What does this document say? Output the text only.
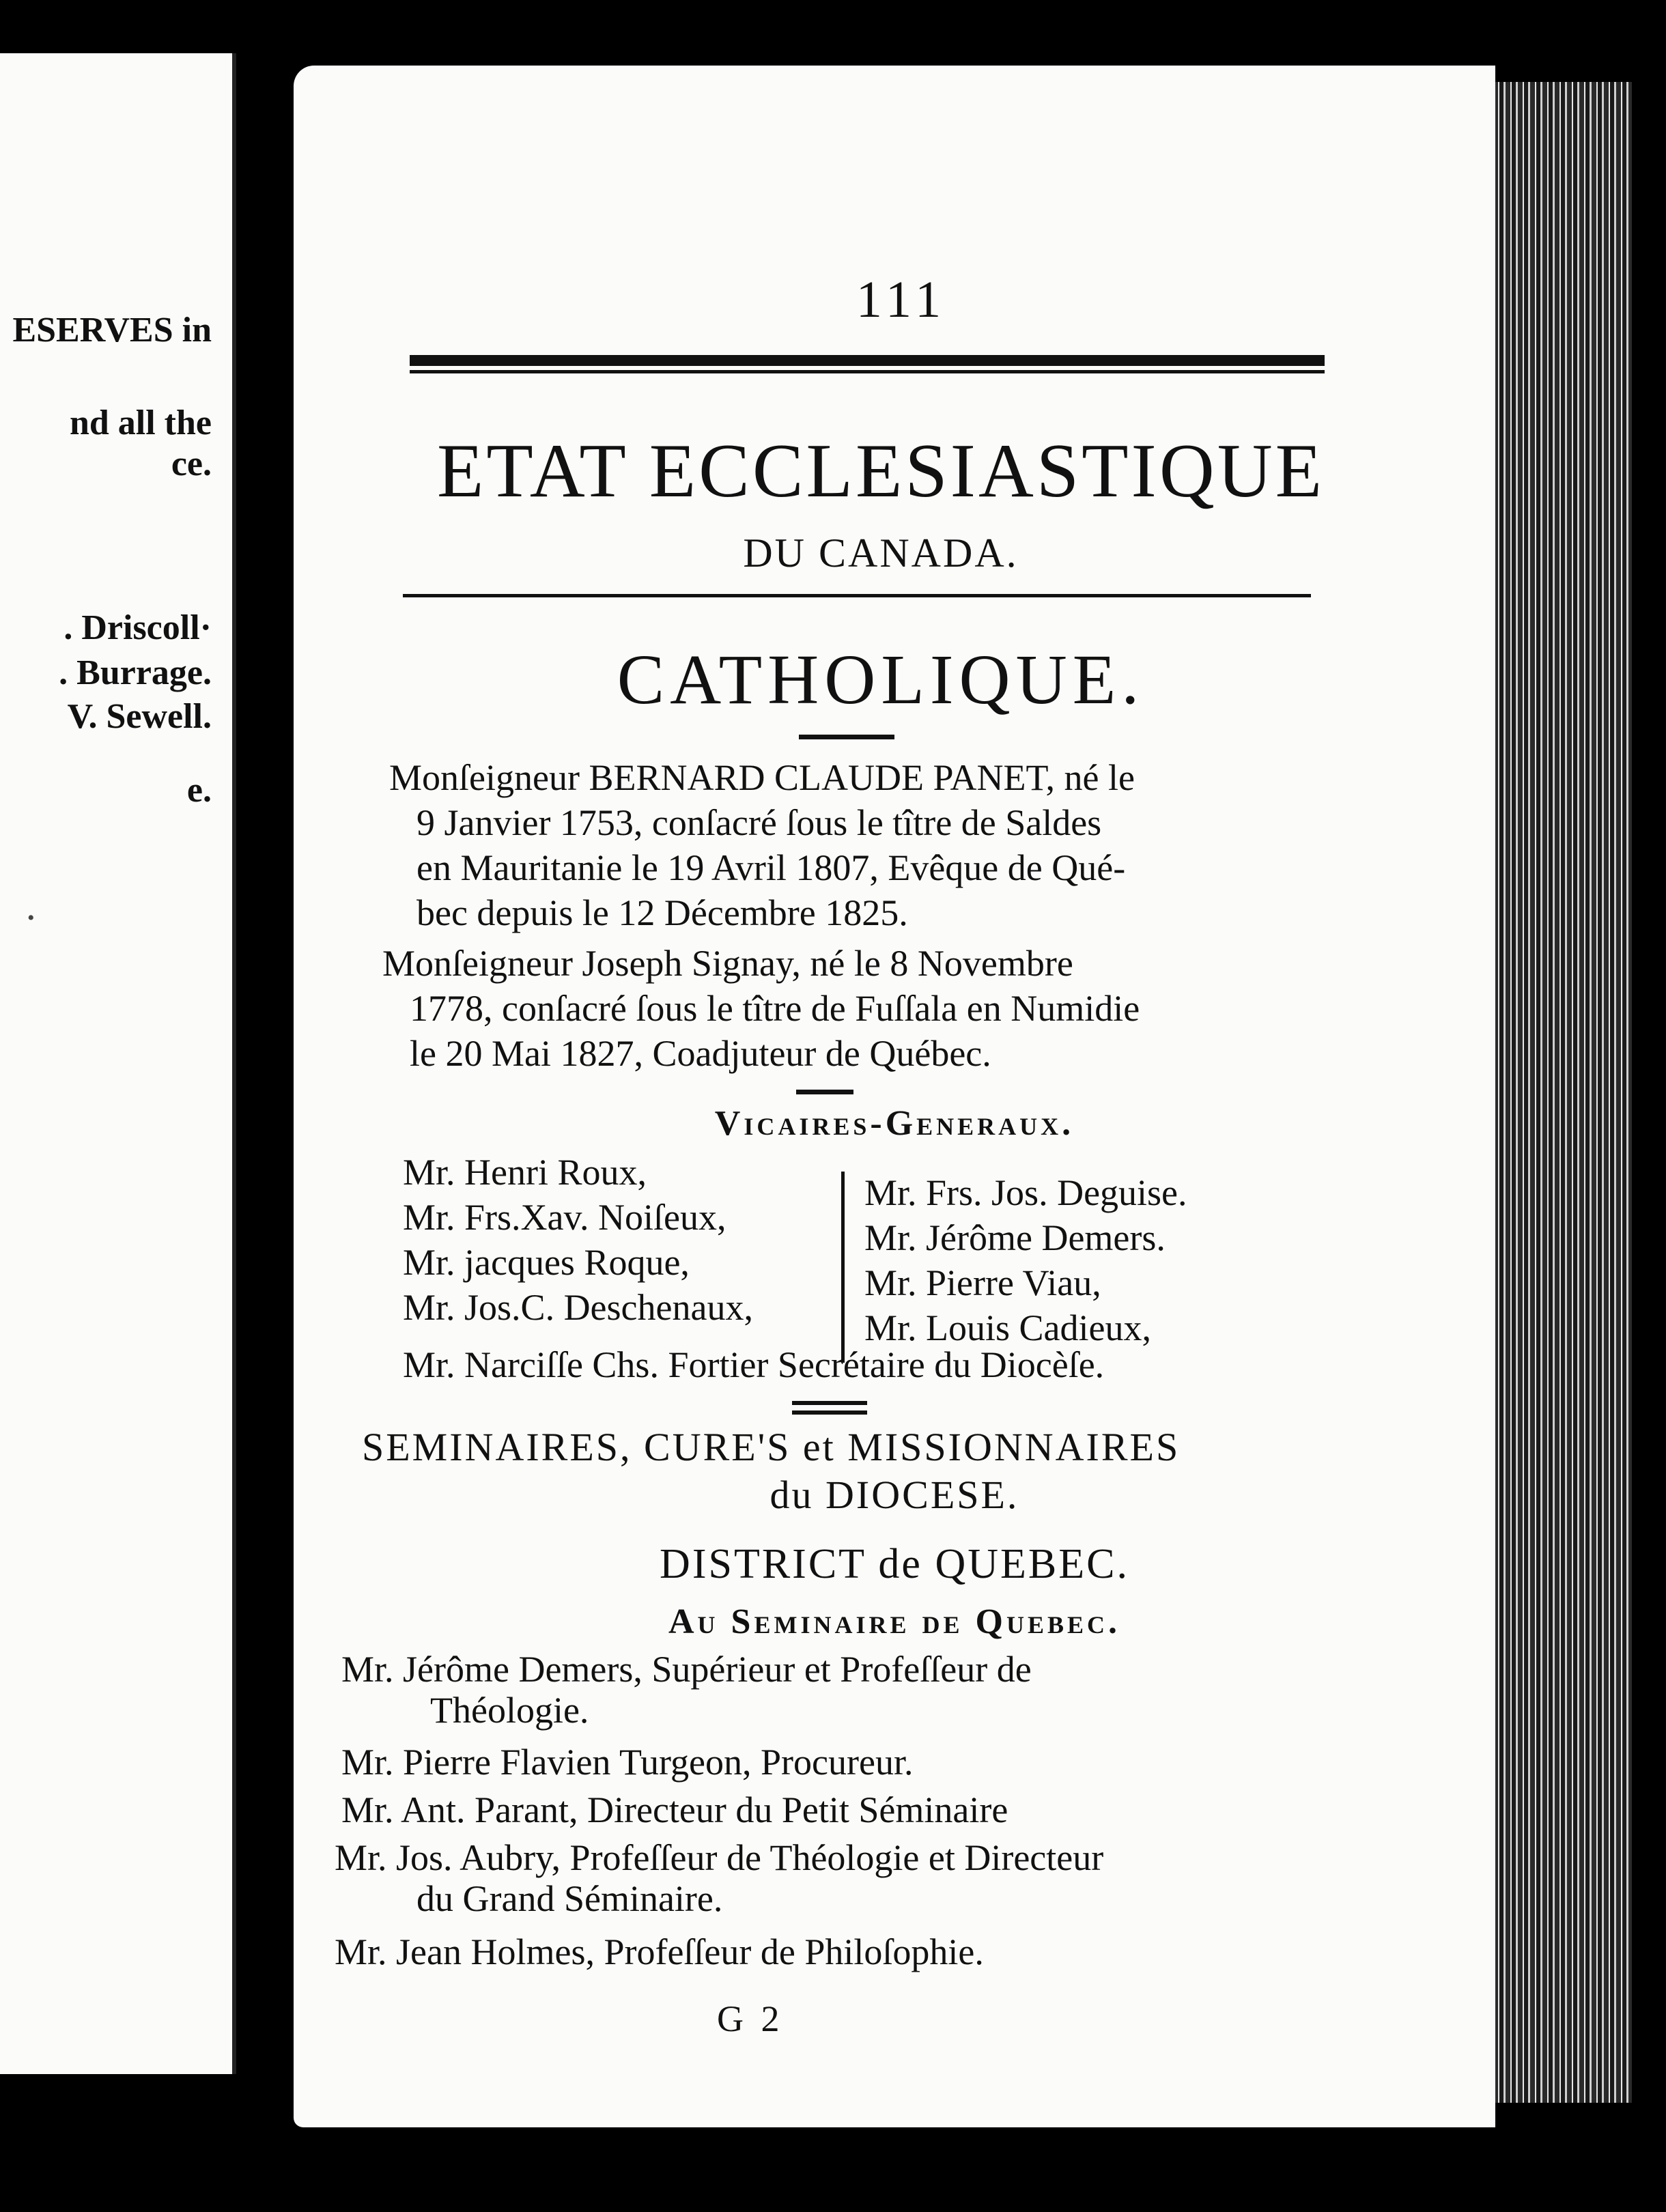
ESERVES in
nd all the
ce.
. Driscoll·
. Burrage.
V. Sewell.
e.
•
111
ETAT ECCLESIASTIQUE
DU CANADA.
CATHOLIQUE.
Monſeigneur BERNARD CLAUDE PANET, né le
9 Janvier 1753, conſacré ſous le tître de Saldes
en Mauritanie le 19 Avril 1807, Evêque de Qué-
bec depuis le 12 Décembre 1825.
Monſeigneur Joseph Signay, né le 8 Novembre
1778, conſacré ſous le tître de Fuſſala en Numidie
le 20 Mai 1827, Coadjuteur de Québec.
Vicaires-Generaux.
Mr. Henri Roux,
Mr. Frs.Xav. Noiſeux,
Mr. jacques Roque,
Mr. Jos.C. Deschenaux,
Mr. Frs. Jos. Deguise.
Mr. Jérôme Demers.
Mr. Pierre Viau,
Mr. Louis Cadieux,
Mr. Narciſſe Chs. Fortier Secrétaire du Diocèſe.
SEMINAIRES, CURE'S et MISSIONNAIRES
du DIOCESE.
DISTRICT de QUEBEC.
Au Seminaire de Quebec.
Mr. Jérôme Demers, Supérieur et Profeſſeur de
Théologie.
Mr. Pierre Flavien Turgeon, Procureur.
Mr. Ant. Parant, Directeur du Petit Séminaire
Mr. Jos. Aubry, Profeſſeur de Théologie et Directeur
du Grand Séminaire.
Mr. Jean Holmes, Profeſſeur de Philoſophie.
G 2
